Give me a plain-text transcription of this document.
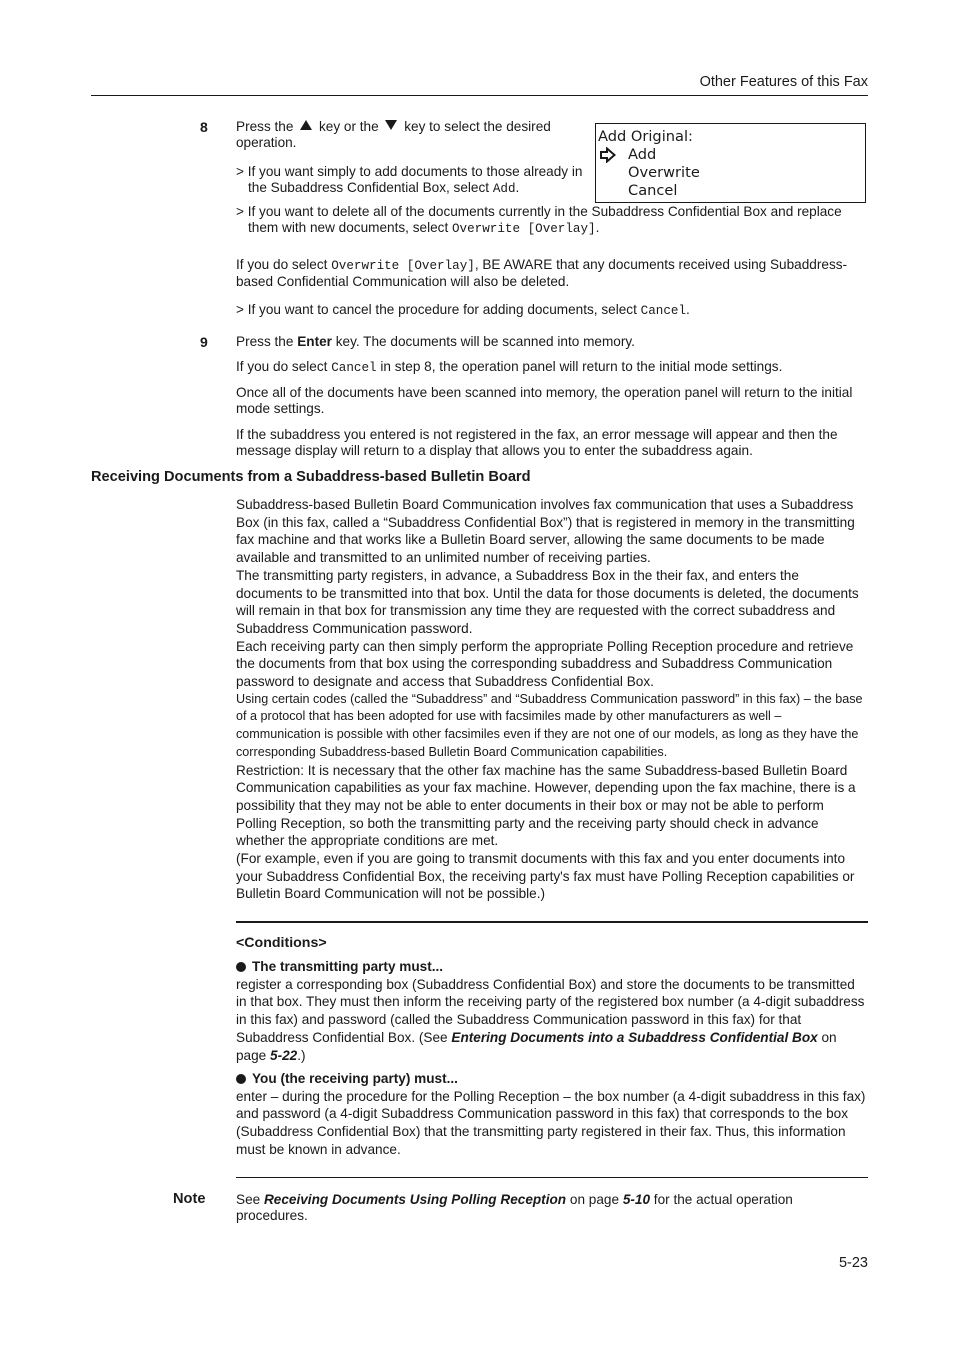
Other Features of this Fax
8 Press the  key or the  key to select the desired operation.
> If you want simply to add documents to those already in the Subaddress Confidential Box, select Add.
> If you want to delete all of the documents currently in the Subaddress Confidential Box and replace them with new documents, select Overwrite [Overlay].
If you do select Overwrite [Overlay], BE AWARE that any documents received using Subaddress-based Confidential Communication will also be deleted.
> If you want to cancel the procedure for adding documents, select Cancel.
Add Original:
Add
Overwrite
Cancel
9 Press the Enter key. The documents will be scanned into memory.
If you do select Cancel in step 8, the operation panel will return to the initial mode settings.
Once all of the documents have been scanned into memory, the operation panel will return to the initial mode settings.
If the subaddress you entered is not registered in the fax, an error message will appear and then the message display will return to a display that allows you to enter the subaddress again.
Receiving Documents from a Subaddress-based Bulletin Board

Subaddress-based Bulletin Board Communication involves fax communication that uses a Subaddress Box (in this fax, called a “Subaddress Confidential Box”) that is registered in memory in the transmitting fax machine and that works like a Bulletin Board server, allowing the same documents to be made available and transmitted to an unlimited number of receiving parties.

The transmitting party registers, in advance, a Subaddress Box in the their fax, and enters the documents to be transmitted into that box. Until the data for those documents is deleted, the documents will remain in that box for transmission any time they are requested with the correct subaddress and Subaddress Communication password.

Each receiving party can then simply perform the appropriate Polling Reception procedure and retrieve the documents from that box using the corresponding subaddress and Subaddress Communication password to designate and access that Subaddress Confidential Box.

Using certain codes (called the “Subaddress” and “Subaddress Communication password” in this fax) – the base of a protocol that has been adopted for use with facsimiles made by other manufacturers as well – communication is possible with other facsimiles even if they are not one of our models, as long as they have the corresponding Subaddress-based Bulletin Board Communication capabilities.

Restriction: It is necessary that the other fax machine has the same Subaddress-based Bulletin Board Communication capabilities as your fax machine. However, depending upon the fax machine, there is a possibility that they may not be able to enter documents in their box or may not be able to perform Polling Reception, so both the transmitting party and the receiving party should check in advance whether the appropriate conditions are met.

(For example, even if you are going to transmit documents with this fax and you enter documents into your Subaddress Confidential Box, the receiving party's fax must have Polling Reception capabilities or Bulletin Board Communication will not be possible.)

<Conditions>
The transmitting party must...
register a corresponding box (Subaddress Confidential Box) and store the documents to be transmitted in that box. They must then inform the receiving party of the registered box number (a 4-digit subaddress in this fax) and password (called the Subaddress Communication password in this fax) for that Subaddress Confidential Box. (See Entering Documents into a Subaddress Confidential Box on page 5-22.)
You (the receiving party) must...
enter – during the procedure for the Polling Reception – the box number (a 4-digit subaddress in this fax) and password (a 4-digit Subaddress Communication password in this fax) that corresponds to the box (Subaddress Confidential Box) that the transmitting party registered in their fax. Thus, this information must be known in advance.
Note See Receiving Documents Using Polling Reception on page 5-10 for the actual operation procedures.
5-23
